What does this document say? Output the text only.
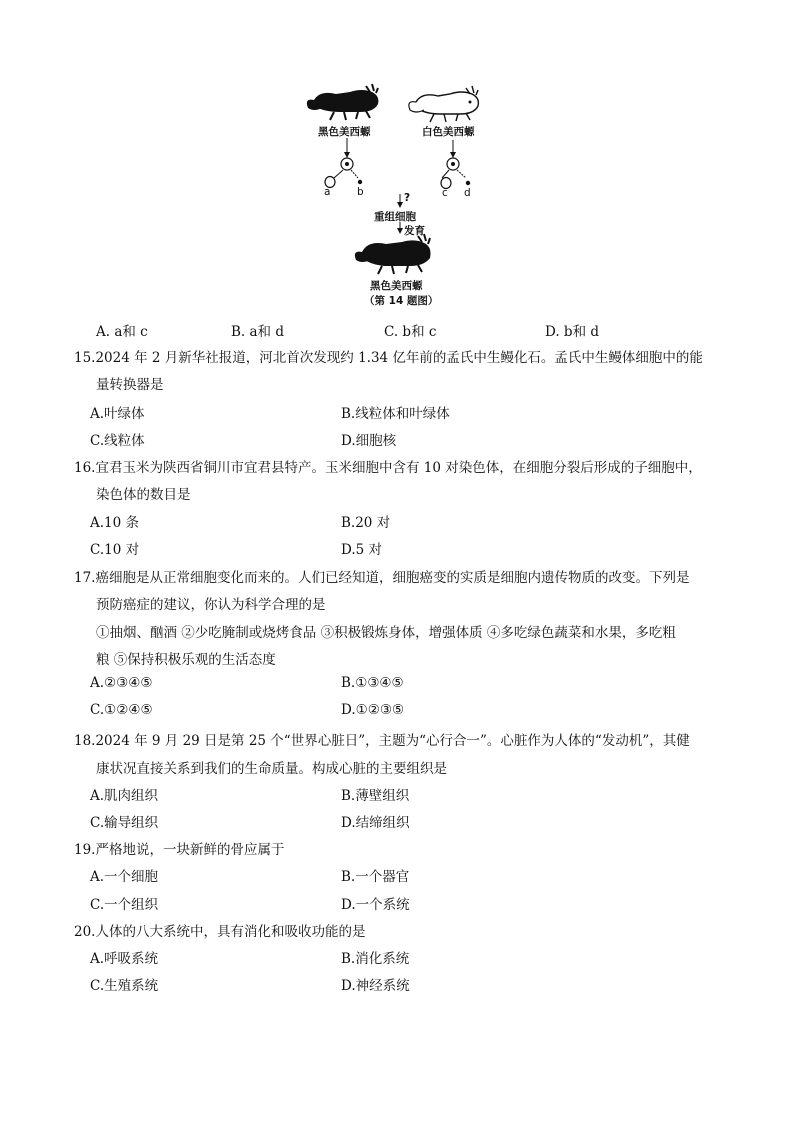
黑色美西螈	白色美西螈
a	b	c d
?
重组细胞
发育
黑色美西螈
（第 14 题图）
A. a和 c	B. a和 d	C. b和 c	D. b和 d
15.2024 年 2 月新华社报道，河北首次发现约 1.34 亿年前的孟氏中生鳗化石。孟氏中生鳗体细胞中的能
量转换器是
A.叶绿体	B.线粒体和叶绿体
C.线粒体	D.细胞核
16.宜君玉米为陕西省铜川市宜君县特产。玉米细胞中含有 10 对染色体，在细胞分裂后形成的子细胞中，
染色体的数目是
A.10 条	B.20 对
C.10 对	D.5 对
17.癌细胞是从正常细胞变化而来的。人们已经知道，细胞癌变的实质是细胞内遗传物质的改变。下列是
预防癌症的建议，你认为科学合理的是
①抽烟、酗酒 ②少吃腌制或烧烤食品 ③积极锻炼身体，增强体质 ④多吃绿色蔬菜和水果，多吃粗
粮 ⑤保持积极乐观的生活态度
A.②③④⑤	B.①③④⑤
C.①②④⑤	D.①②③⑤
18.2024 年 9 月 29 日是第 25 个“世界心脏日”，主题为“心行合一”。心脏作为人体的“发动机”，其健
康状况直接关系到我们的生命质量。构成心脏的主要组织是
A.肌肉组织	B.薄壁组织
C.输导组织	D.结缔组织
19.严格地说，一块新鲜的骨应属于
A.一个细胞	B.一个器官
C.一个组织	D.一个系统
20.人体的八大系统中，具有消化和吸收功能的是
A.呼吸系统	B.消化系统
C.生殖系统	D.神经系统
